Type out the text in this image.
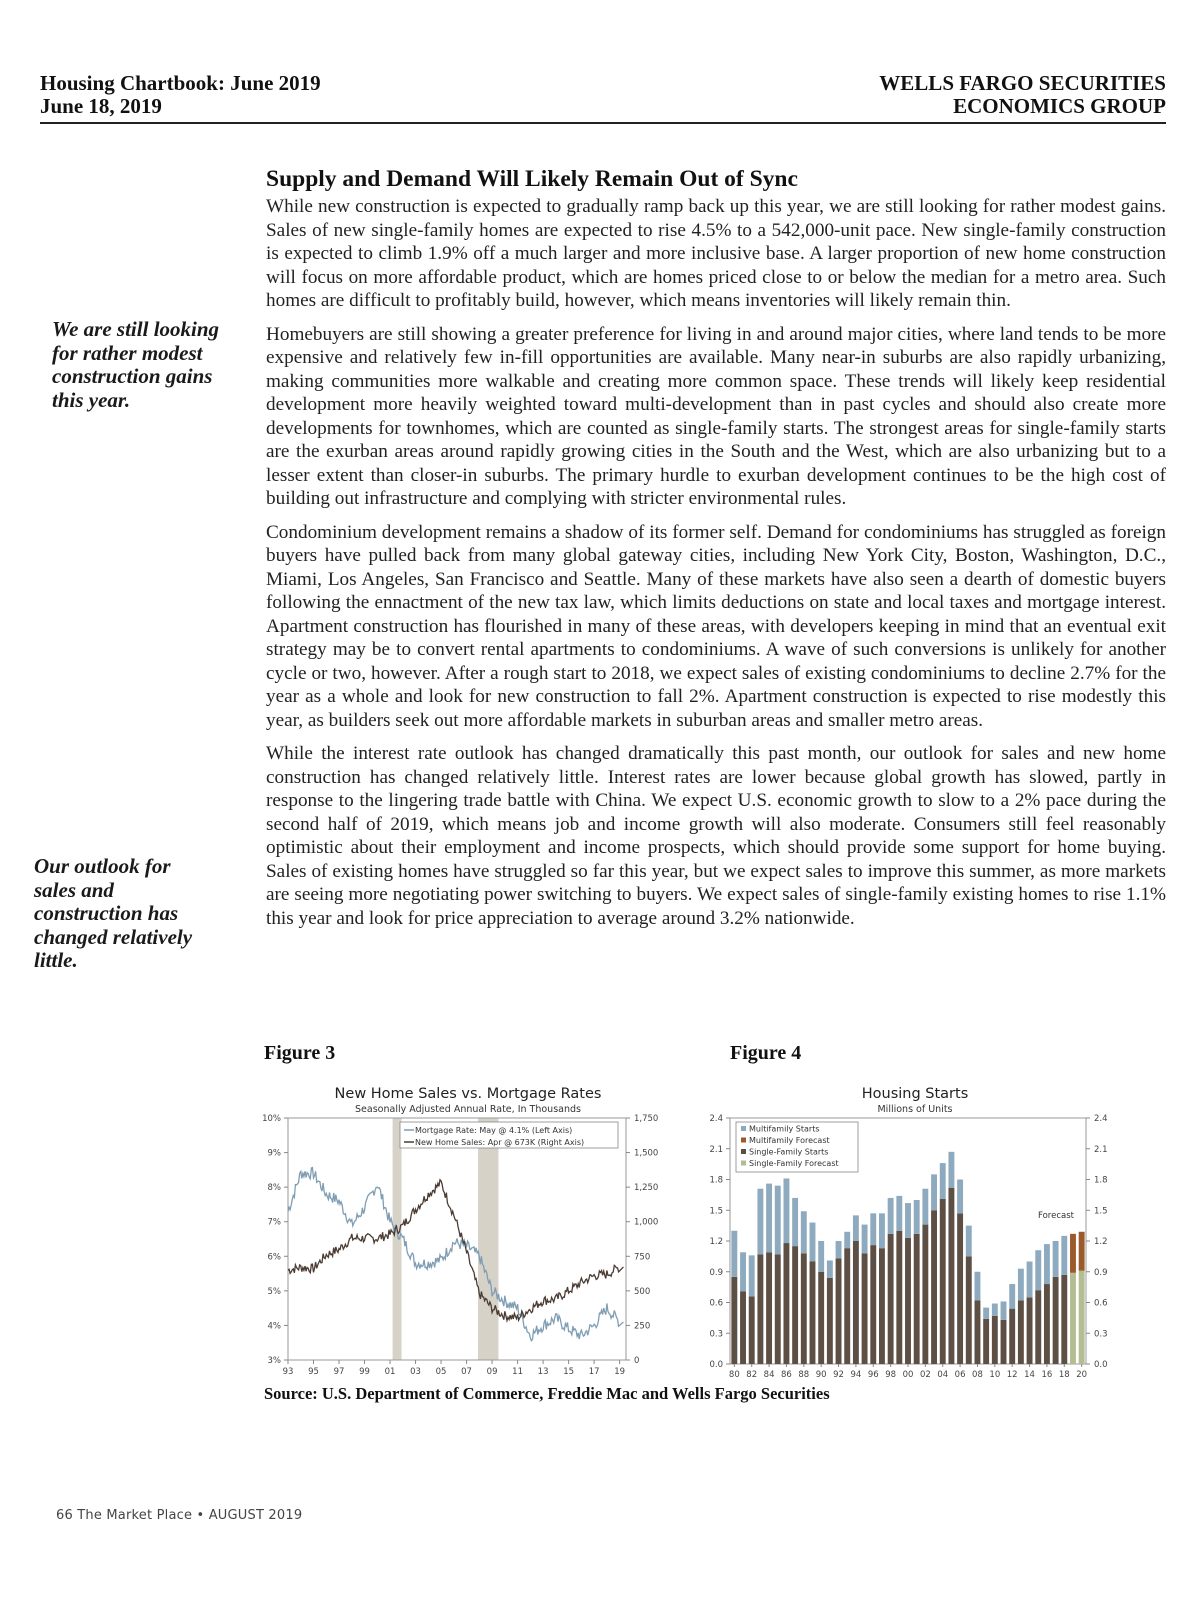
Housing Chartbook: June 2019
June 18, 2019
WELLS FARGO SECURITIES
ECONOMICS GROUP
We are still looking for rather modest construction gains this year.
Our outlook for sales and construction has changed relatively little.
Supply and Demand Will Likely Remain Out of Sync

While new construction is expected to gradually ramp back up this year, we are still looking for rather modest gains. Sales of new single-family homes are expected to rise 4.5% to a 542,000-unit pace. New single-family construction is expected to climb 1.9% off a much larger and more inclusive base. A larger proportion of new home construction will focus on more affordable product, which are homes priced close to or below the median for a metro area. Such homes are difficult to profitably build, however, which means inventories will likely remain thin.

Homebuyers are still showing a greater preference for living in and around major cities, where land tends to be more expensive and relatively few in-fill opportunities are available. Many near-in suburbs are also rapidly urbanizing, making communities more walkable and creating more common space. These trends will likely keep residential development more heavily weighted toward multi-development than in past cycles and should also create more developments for townhomes, which are counted as single-family starts. The strongest areas for single-family starts are the exurban areas around rapidly growing cities in the South and the West, which are also urbanizing but to a lesser extent than closer-in suburbs. The primary hurdle to exurban development continues to be the high cost of building out infrastructure and complying with stricter environmental rules.

Condominium development remains a shadow of its former self. Demand for condominiums has struggled as foreign buyers have pulled back from many global gateway cities, including New York City, Boston, Washington, D.C., Miami, Los Angeles, San Francisco and Seattle. Many of these markets have also seen a dearth of domestic buyers following the ennactment of the new tax law, which limits deductions on state and local taxes and mortgage interest. Apartment construction has flourished in many of these areas, with developers keeping in mind that an eventual exit strategy may be to convert rental apartments to condominiums. A wave of such conversions is unlikely for another cycle or two, however. After a rough start to 2018, we expect sales of existing condominiums to decline 2.7% for the year as a whole and look for new construction to fall 2%. Apartment construction is expected to rise modestly this year, as builders seek out more affordable markets in suburban areas and smaller metro areas.

While the interest rate outlook has changed dramatically this past month, our outlook for sales and new home construction has changed relatively little. Interest rates are lower because global growth has slowed, partly in response to the lingering trade battle with China. We expect U.S. economic growth to slow to a 2% pace during the second half of 2019, which means job and income growth will also moderate. Consumers still feel reasonably optimistic about their employment and income prospects, which should provide some support for home buying. Sales of existing homes have struggled so far this year, but we expect sales to improve this summer, as more markets are seeing more negotiating power switching to buyers. We expect sales of single-family existing homes to rise 1.1% this year and look for price appreciation to average around 3.2% nationwide.

Figure 3	Figure 4
New Home Sales vs. Mortgage Rates
Seasonally Adjusted Annual Rate, In Thousands
3%
4%
5%
6%
7%
8%
9%
10%
0
250
500
750
1,000
1,250
1,500
1,750
93 95 97 99 01 03 05 07 09 11 13 15 17 19
Mortgage Rate: May @ 4.1% (Left Axis)
New Home Sales: Apr @ 673K (Right Axis)
Housing Starts
Millions of Units
0.0	0.0
0.3	0.3
0.6	0.6
0.9	0.9
1.2	1.2
1.5	1.5
1.8	1.8
2.1	2.1
2.4	2.4
80 82 84 86 88 90 92 94 96 98 00 02 04 06 08 10 12 14 16 18 20
Forecast
Multifamily Starts
Multifamily Forecast
Single-Family Starts
Single-Family Forecast
Source: U.S. Department of Commerce, Freddie Mac and Wells Fargo Securities
66 The Market Place • AUGUST 2019
